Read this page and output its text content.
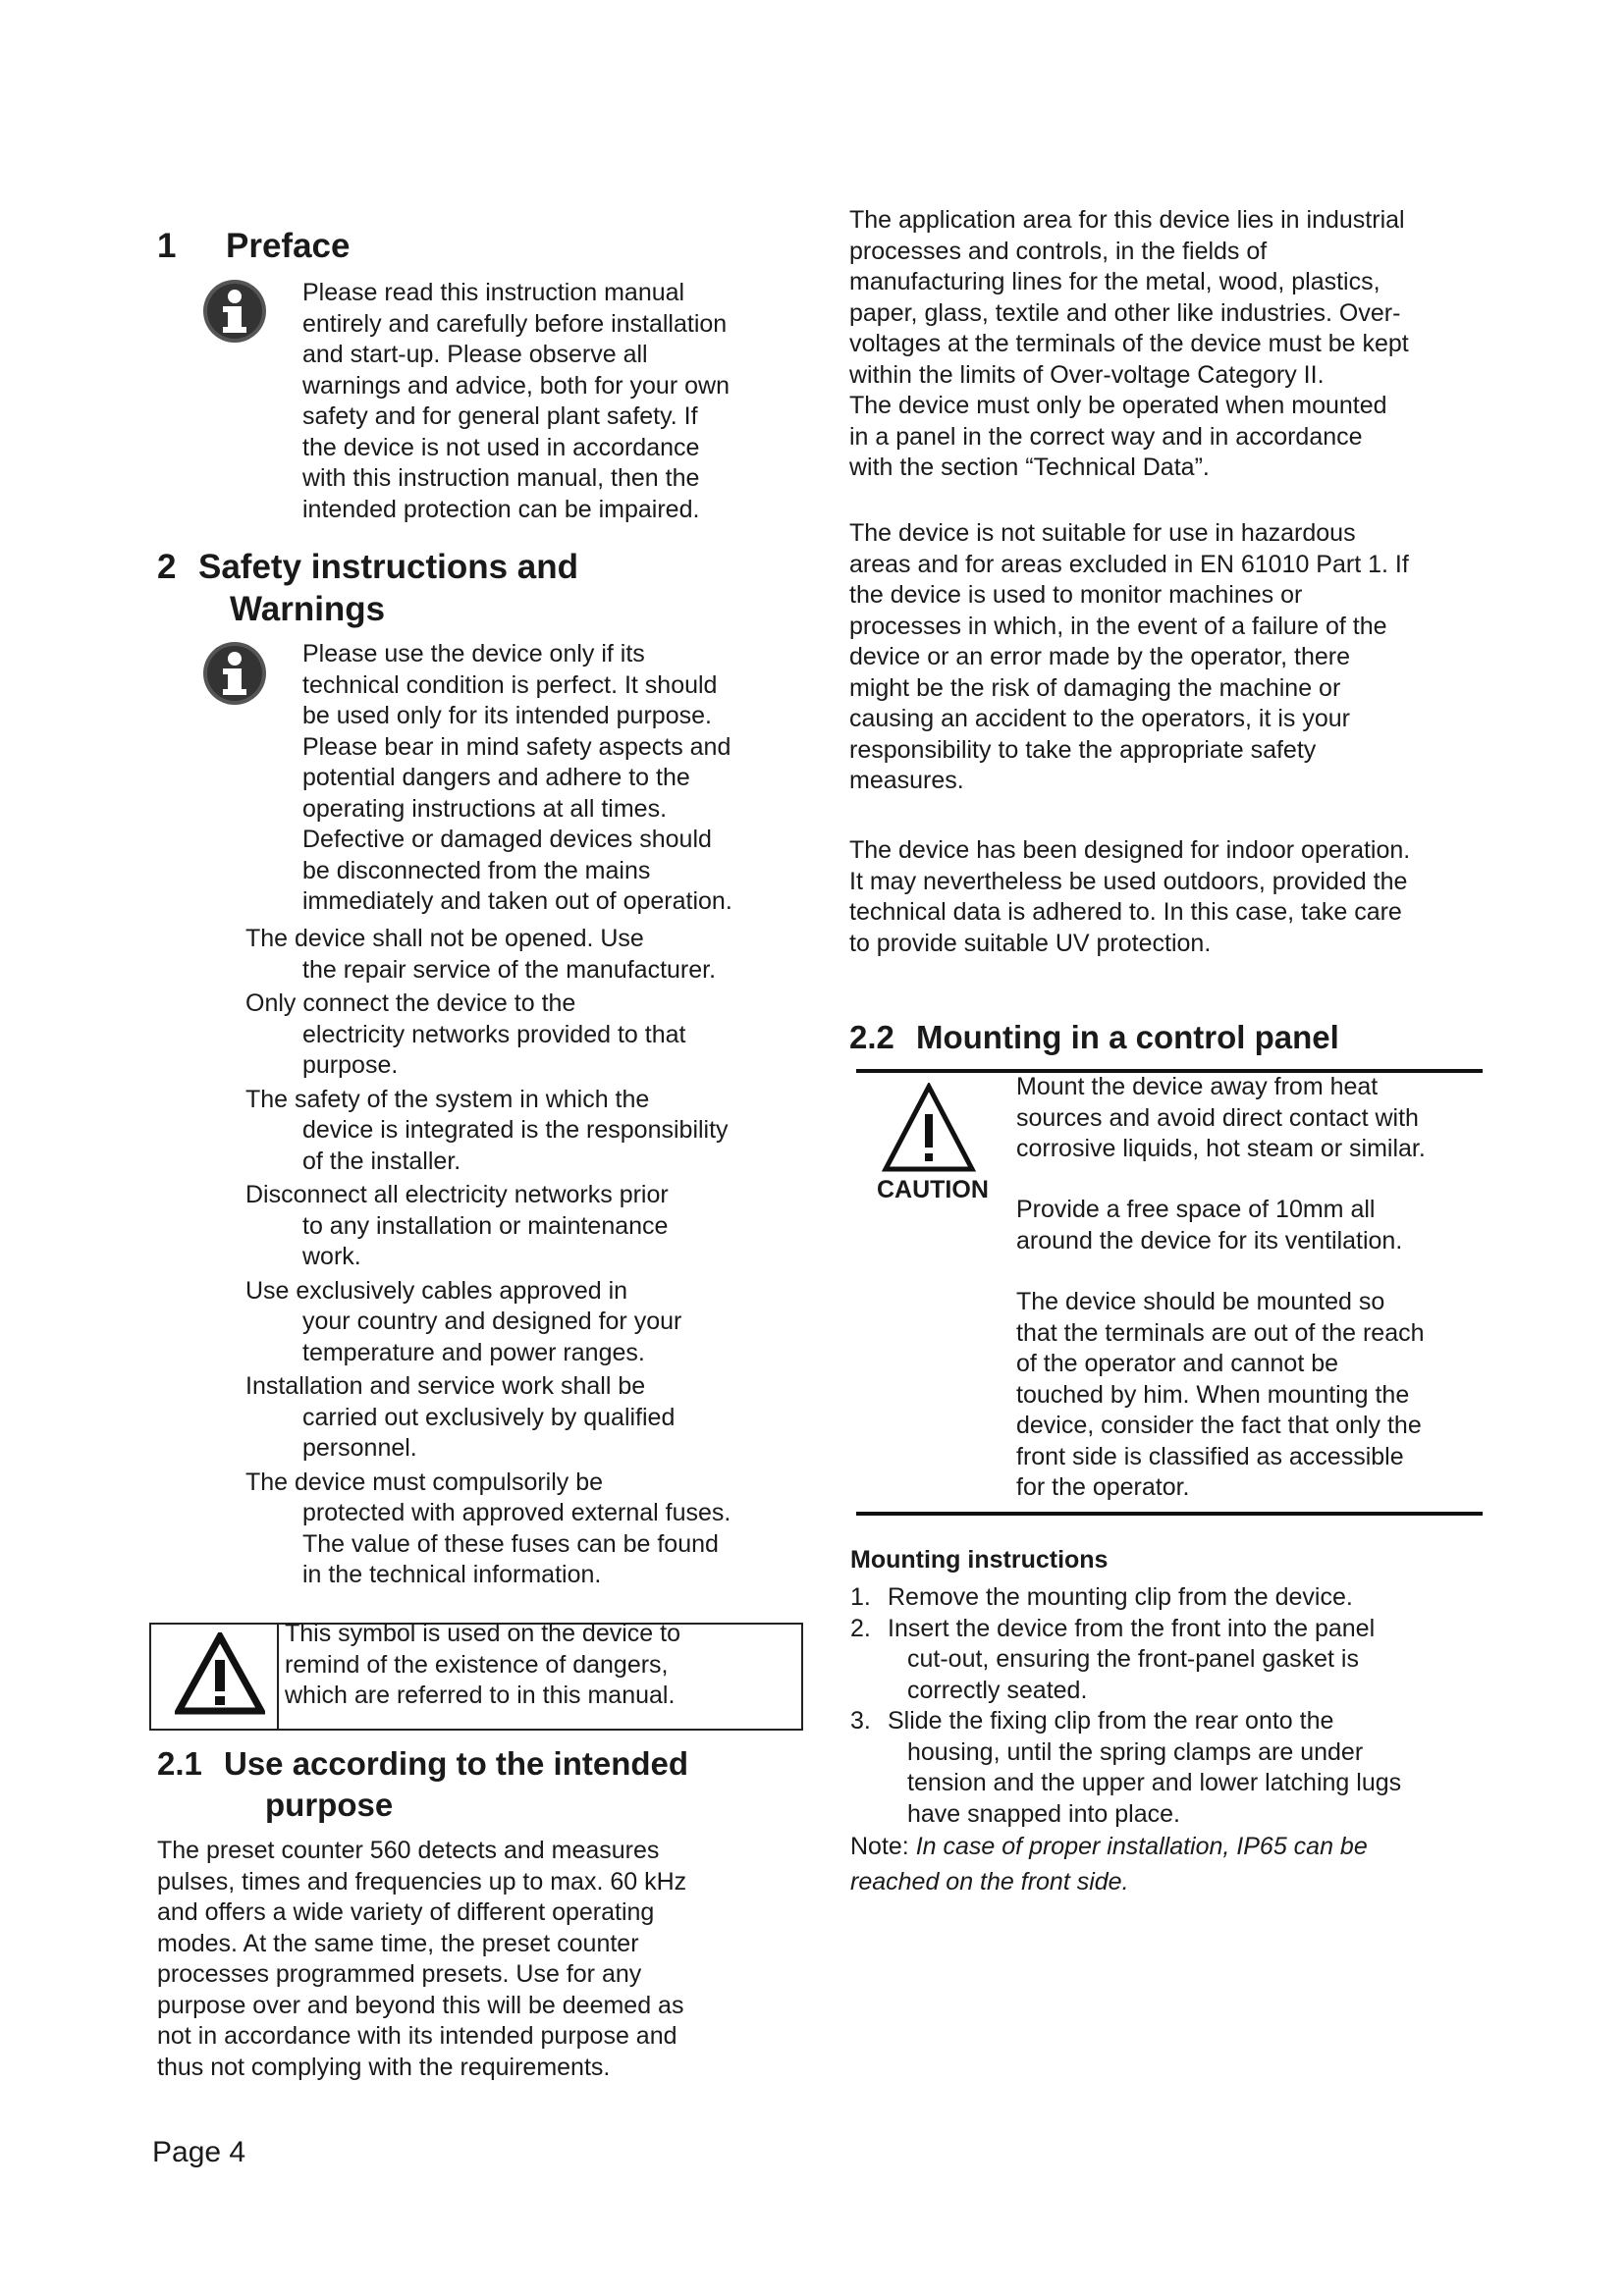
1 Preface
Please read this instruction manual
entirely and carefully before installation
and start-up. Please observe all
warnings and advice, both for your own
safety and for general plant safety. If
the device is not used in accordance
with this instruction manual, then the
intended protection can be impaired.
2 Safety instructions and
Warnings
Please use the device only if its
technical condition is perfect. It should
be used only for its intended purpose.
Please bear in mind safety aspects and
potential dangers and adhere to the
operating instructions at all times.
Defective or damaged devices should
be disconnected from the mains
immediately and taken out of operation.
The device shall not be opened. Use
the repair service of the manufacturer.
Only connect the device to the
electricity networks provided to that
purpose.
The safety of the system in which the
device is integrated is the responsibility
of the installer.
Disconnect all electricity networks prior
to any installation or maintenance
work.
Use exclusively cables approved in
your country and designed for your
temperature and power ranges.
Installation and service work shall be
carried out exclusively by qualified
personnel.
The device must compulsorily be
protected with approved external fuses.
The value of these fuses can be found
in the technical information.
This symbol is used on the device to
remind of the existence of dangers,
which are referred to in this manual.
2.1 Use according to the intended
purpose
The preset counter 560 detects and measures
pulses, times and frequencies up to max. 60 kHz
and offers a wide variety of different operating
modes. At the same time, the preset counter
processes programmed presets. Use for any
purpose over and beyond this will be deemed as
not in accordance with its intended purpose and
thus not complying with the requirements.
Page 4
The application area for this device lies in industrial
processes and controls, in the fields of
manufacturing lines for the metal, wood, plastics,
paper, glass, textile and other like industries. Over-
voltages at the terminals of the device must be kept
within the limits of Over-voltage Category II.
The device must only be operated when mounted
in a panel in the correct way and in accordance
with the section “Technical Data”.
The device is not suitable for use in hazardous
areas and for areas excluded in EN 61010 Part 1. If
the device is used to monitor machines or
processes in which, in the event of a failure of the
device or an error made by the operator, there
might be the risk of damaging the machine or
causing an accident to the operators, it is your
responsibility to take the appropriate safety
measures.
The device has been designed for indoor operation.
It may nevertheless be used outdoors, provided the
technical data is adhered to. In this case, take care
to provide suitable UV protection.
2.2 Mounting in a control panel
CAUTION
Mount the device away from heat
sources and avoid direct contact with
corrosive liquids, hot steam or similar.
Provide a free space of 10mm all
around the device for its ventilation.
The device should be mounted so
that the terminals are out of the reach
of the operator and cannot be
touched by him. When mounting the
device, consider the fact that only the
front side is classified as accessible
for the operator.
Mounting instructions
1. Remove the mounting clip from the device.
2. Insert the device from the front into the panel
cut-out, ensuring the front-panel gasket is
correctly seated.
3. Slide the fixing clip from the rear onto the
housing, until the spring clamps are under
tension and the upper and lower latching lugs
have snapped into place.
Note: In case of proper installation, IP65 can be
reached on the front side.
